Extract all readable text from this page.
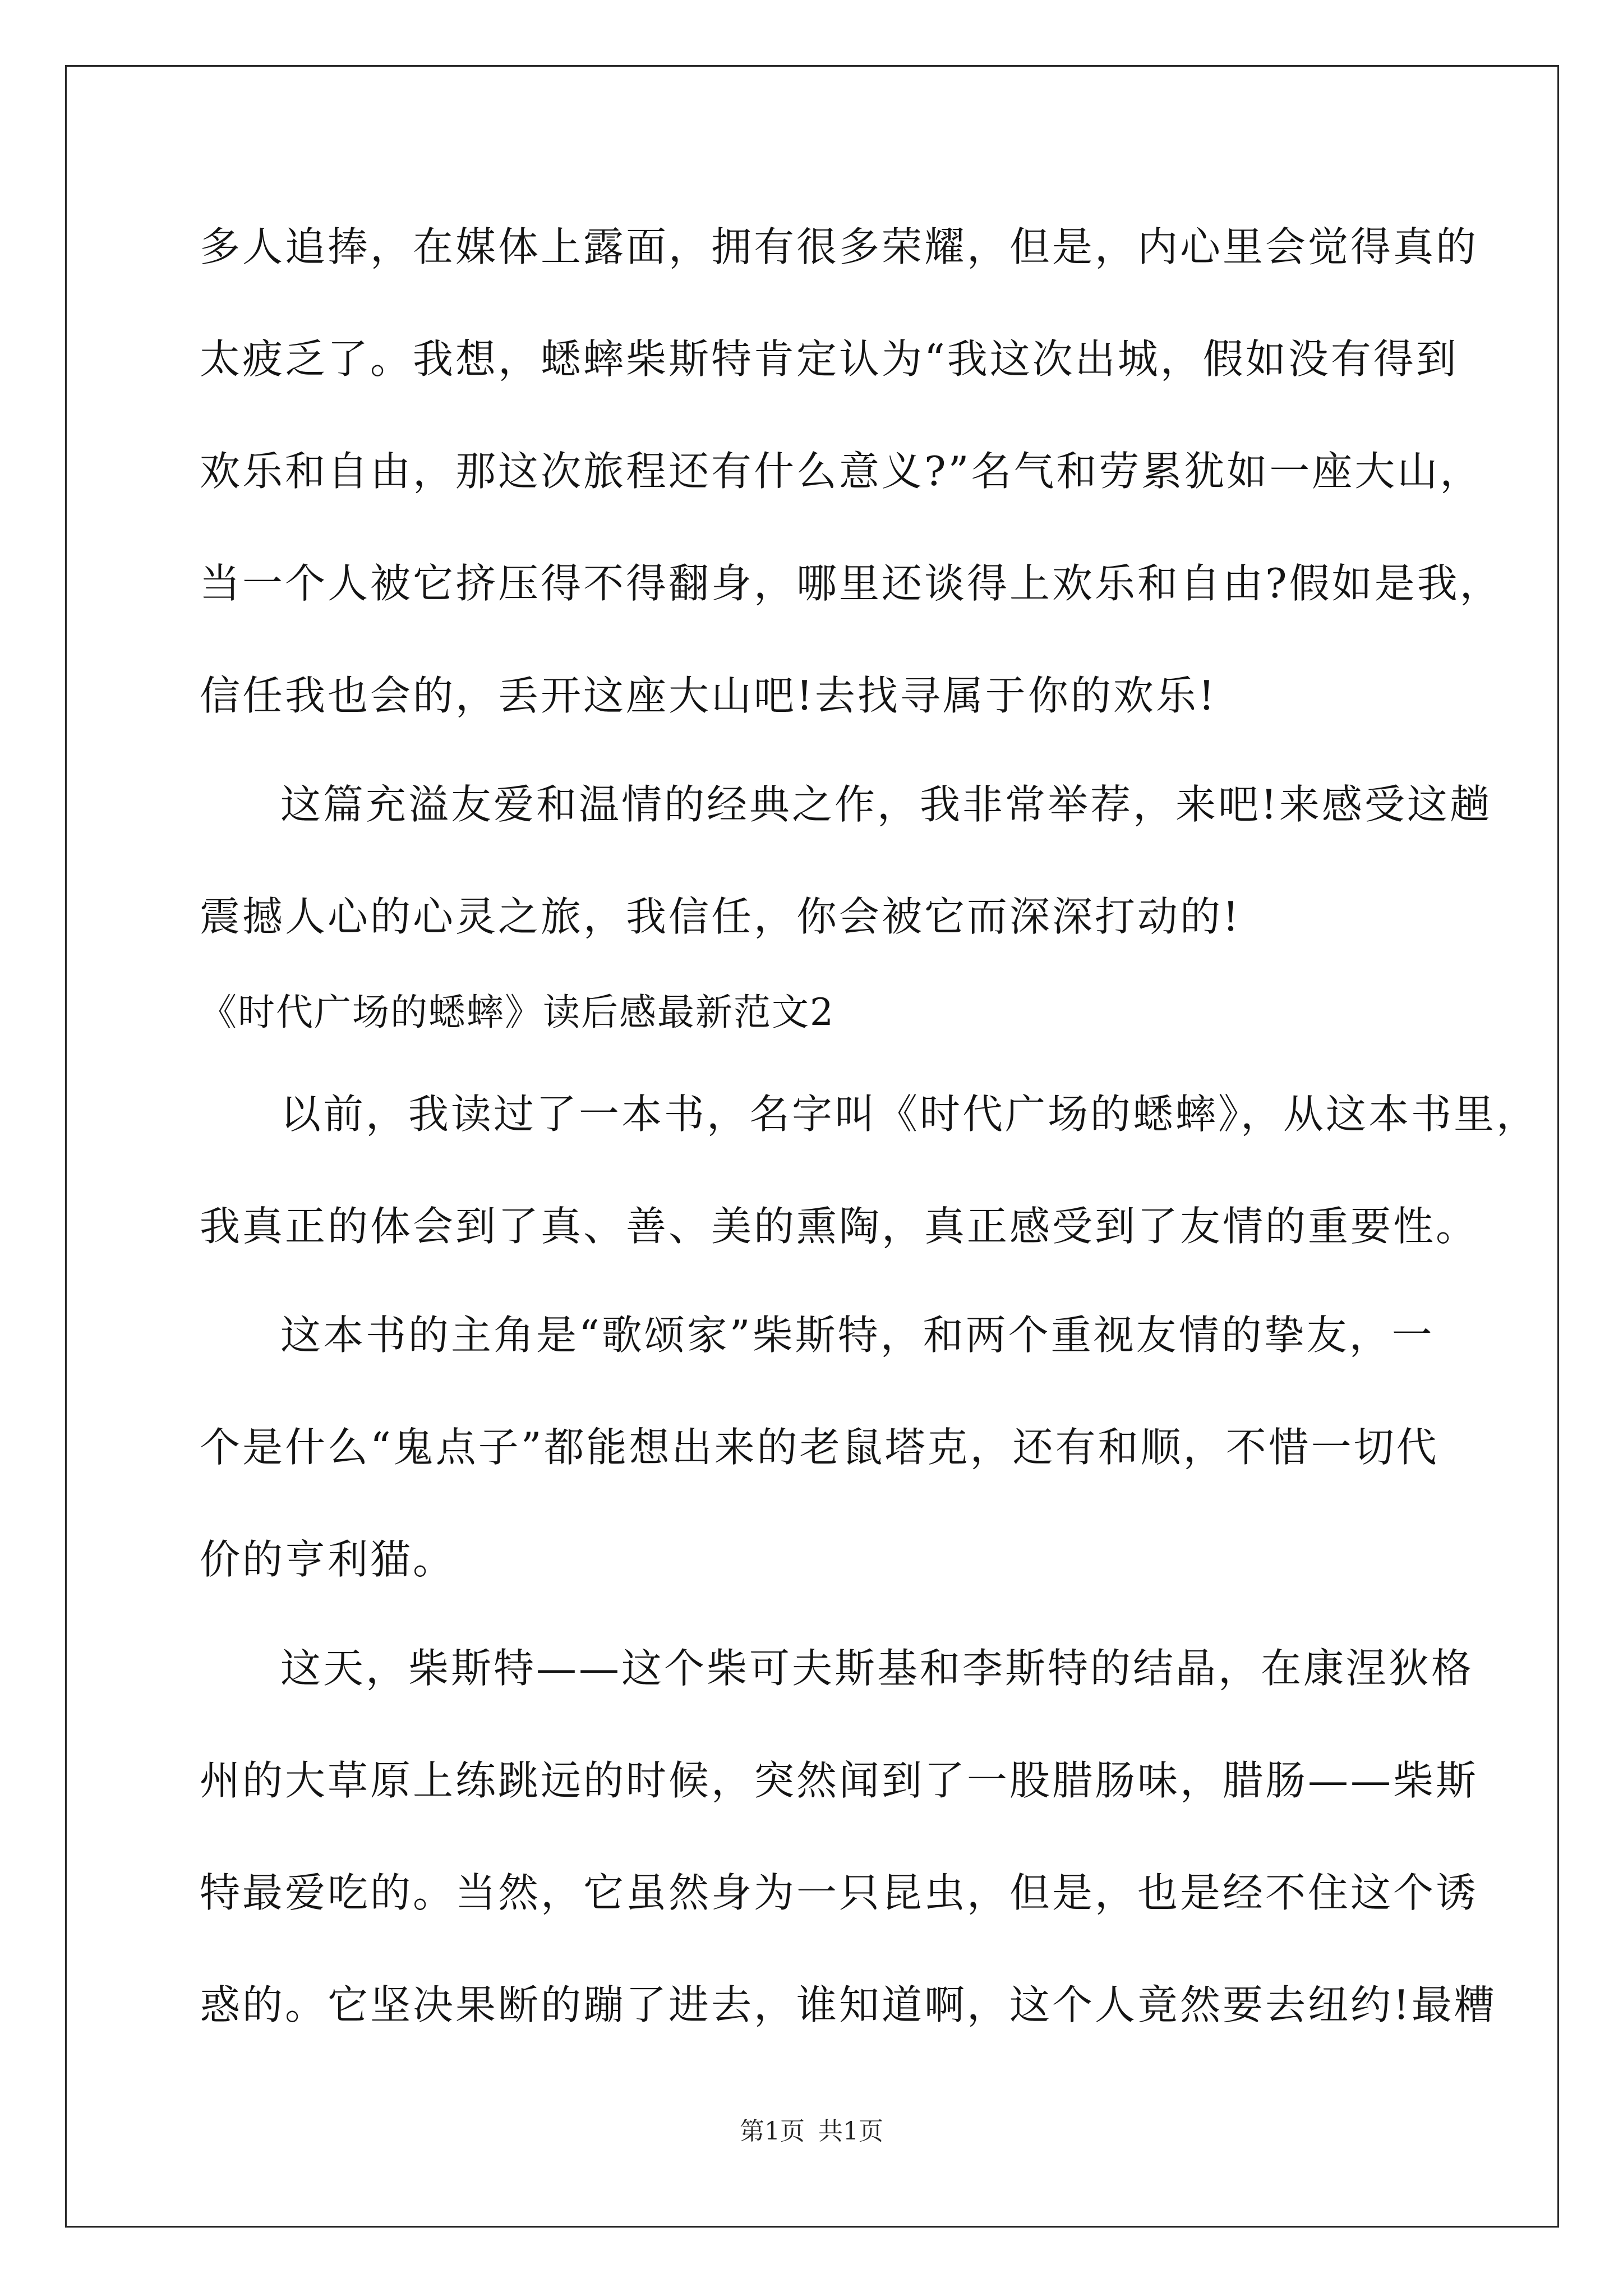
多人追捧，在媒体上露面，拥有很多荣耀，但是，内心里会觉得真的
太疲乏了。我想，蟋蟀柴斯特肯定认为“我这次出城，假如没有得到
欢乐和自由，那这次旅程还有什么意义?”名气和劳累犹如一座大山，
当一个人被它挤压得不得翻身，哪里还谈得上欢乐和自由?假如是我，
信任我也会的，丢开这座大山吧!去找寻属于你的欢乐!
这篇充溢友爱和温情的经典之作，我非常举荐，来吧!来感受这趟
震撼人心的心灵之旅，我信任，你会被它而深深打动的!
《时代广场的蟋蟀》读后感最新范文2
以前，我读过了一本书，名字叫《时代广场的蟋蟀》，从这本书里，
我真正的体会到了真、善、美的熏陶，真正感受到了友情的重要性。
这本书的主角是“歌颂家”柴斯特，和两个重视友情的挚友，一
个是什么“鬼点子”都能想出来的老鼠塔克，还有和顺，不惜一切代
价的亨利猫。
这天，柴斯特——这个柴可夫斯基和李斯特的结晶，在康涅狄格
州的大草原上练跳远的时候，突然闻到了一股腊肠味，腊肠——柴斯
特最爱吃的。当然，它虽然身为一只昆虫，但是，也是经不住这个诱
惑的。它坚决果断的蹦了进去，谁知道啊，这个人竟然要去纽约!最糟
第1页 共1页
